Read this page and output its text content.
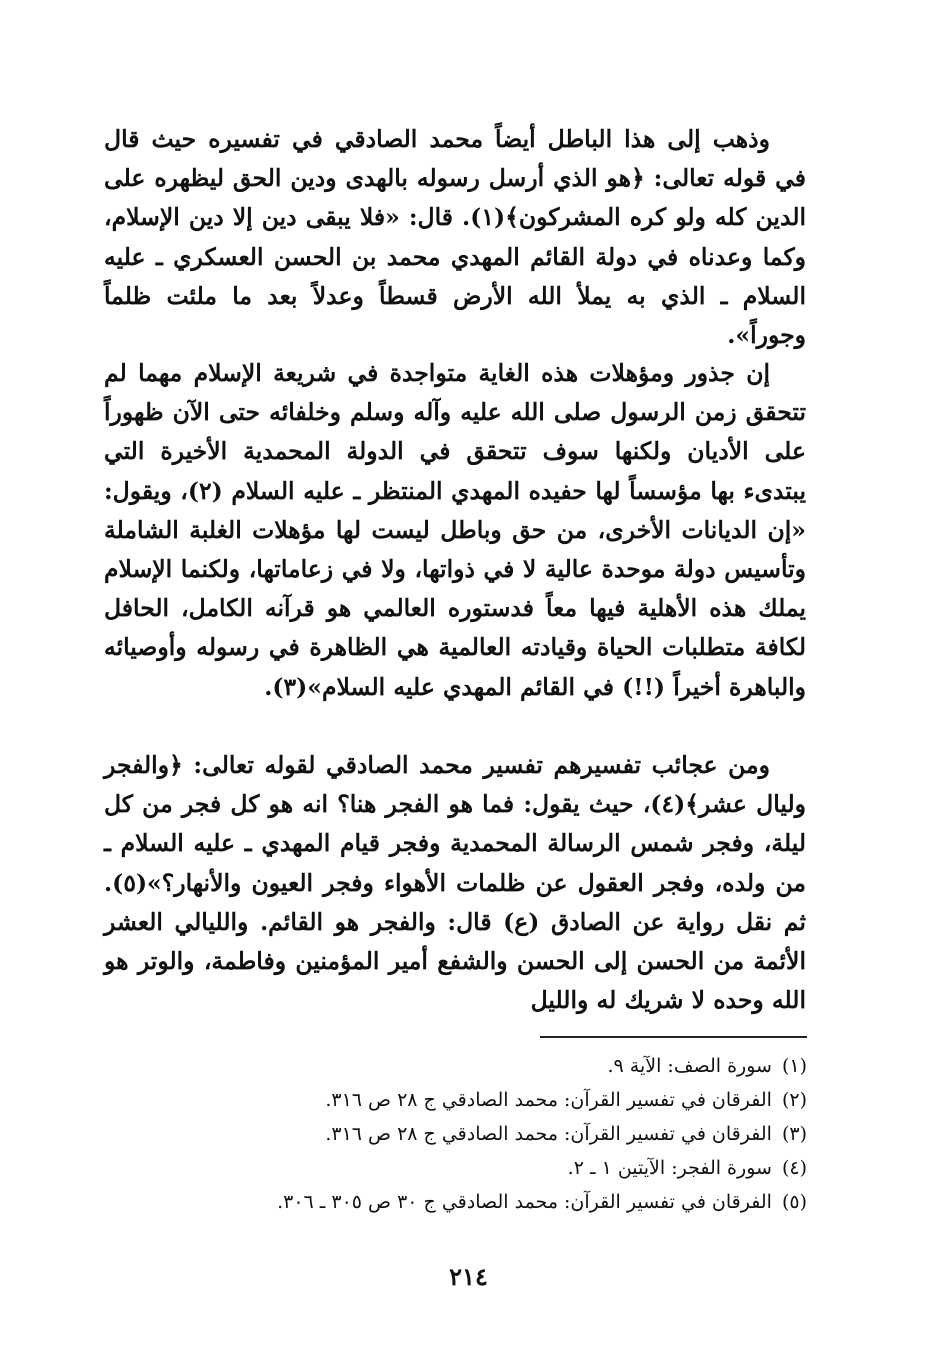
وذهب إلى هذا الباطل أيضاً محمد الصادقي في تفسيره حيث قال في قوله تعالى: ﴿هو الذي أرسل رسوله بالهدى ودين الحق ليظهره على الدين كله ولو كره المشركون﴾(١). قال: «فلا يبقى دين إلا دين الإسلام، وكما وعدناه في دولة القائم المهدي محمد بن الحسن العسكري ـ عليه السلام ـ الذي به يملأ الله الأرض قسطاً وعدلاً بعد ما ملئت ظلماً وجوراً».

إن جذور ومؤهلات هذه الغاية متواجدة في شريعة الإسلام مهما لم تتحقق زمن الرسول صلى الله عليه وآله وسلم وخلفائه حتى الآن ظهوراً على الأديان ولكنها سوف تتحقق في الدولة المحمدية الأخيرة التي يبتدىء بها مؤسساً لها حفيده المهدي المنتظر ـ عليه السلام (٢)، ويقول: «إن الديانات الأخرى، من حق وباطل ليست لها مؤهلات الغلبة الشاملة وتأسيس دولة موحدة عالية لا في ذواتها، ولا في زعاماتها، ولكنما الإسلام يملك هذه الأهلية فيها معاً فدستوره العالمي هو قرآنه الكامل، الحافل لكافة متطلبات الحياة وقيادته العالمية هي الظاهرة في رسوله وأوصيائه والباهرة أخيراً (!!) في القائم المهدي عليه السلام»(٣).

ومن عجائب تفسيرهم تفسير محمد الصادقي لقوله تعالى: ﴿والفجر وليال عشر﴾(٤)، حيث يقول: فما هو الفجر هنا؟ انه هو كل فجر من كل ليلة، وفجر شمس الرسالة المحمدية وفجر قيام المهدي ـ عليه السلام ـ من ولده، وفجر العقول عن ظلمات الأهواء وفجر العيون والأنهار؟»(٥). ثم نقل رواية عن الصادق (ع) قال: والفجر هو القائم. والليالي العشر الأئمة من الحسن إلى الحسن والشفع أمير المؤمنين وفاطمة، والوتر هو الله وحده لا شريك له والليل

(١)سورة الصف: الآية ٩.
(٢)الفرقان في تفسير القرآن: محمد الصادقي ج ٢٨ ص ٣١٦.
(٣)الفرقان في تفسير القرآن: محمد الصادقي ج ٢٨ ص ٣١٦.
(٤)سورة الفجر: الآيتين ١ ـ ٢.
(٥)الفرقان في تفسير القرآن: محمد الصادقي ج ٣٠ ص ٣٠٥ ـ ٣٠٦.
٢١٤
